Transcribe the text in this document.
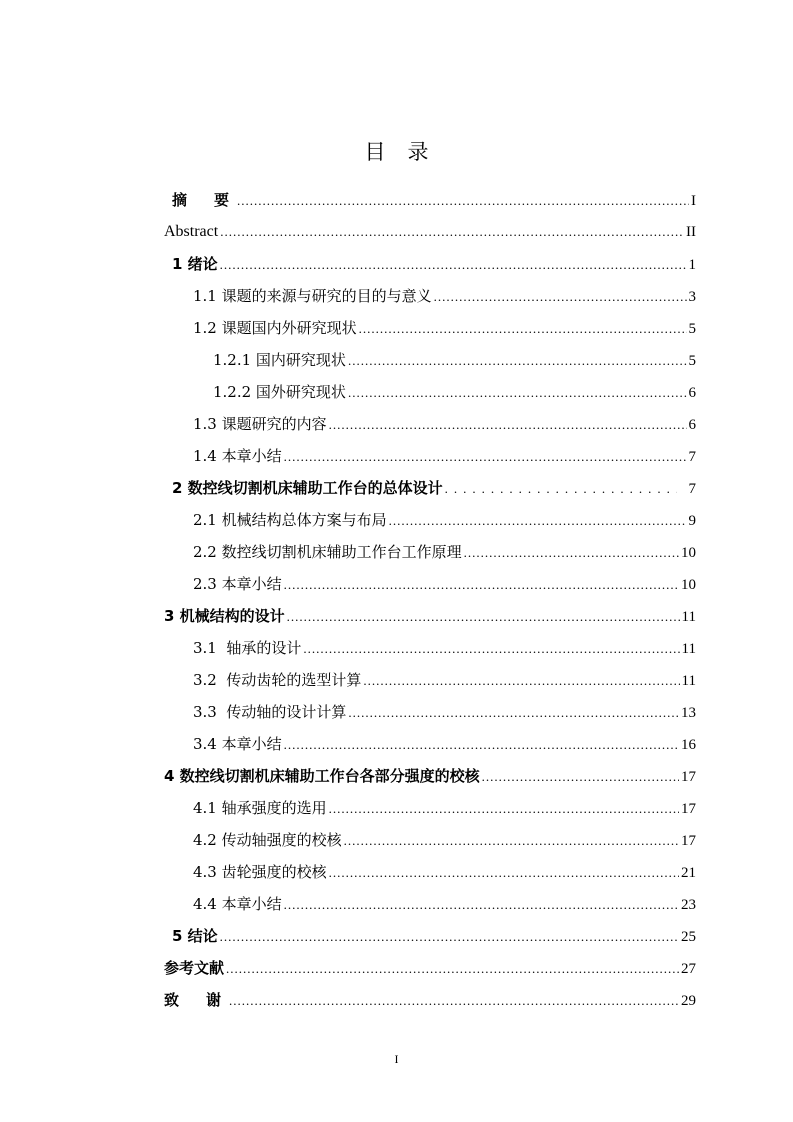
目录
摘　要 .....	I
Abstract .....	II
1 绪论 .....	1
1.1 课题的来源与研究的目的与意义 .....	3
1.2 课题国内外研究现状 .....	5
1.2.1 国内研究现状 .....	5
1.2.2 国外研究现状 .....	6
1.3 课题研究的内容 .....	6
1.4 本章小结 .....	7
2 数控线切割机床辅助工作台的总体设计 .....	7
2.1 机械结构总体方案与布局 .....	9
2.2 数控线切割机床辅助工作台工作原理 .....	10
2.3 本章小结 .....	10
3 机械结构的设计 .....	11
3.1  轴承的设计 .....	11
3.2  传动齿轮的选型计算 .....	11
3.3  传动轴的设计计算 .....	13
3.4 本章小结 .....	16
4 数控线切割机床辅助工作台各部分强度的校核 .....	17
4.1 轴承强度的选用 .....	17
4.2 传动轴强度的校核 .....	17
4.3 齿轮强度的校核 .....	21
4.4 本章小结 .....	23
5 结论 .....	25
参考文献 .....	27
致　谢 .....	29
I
